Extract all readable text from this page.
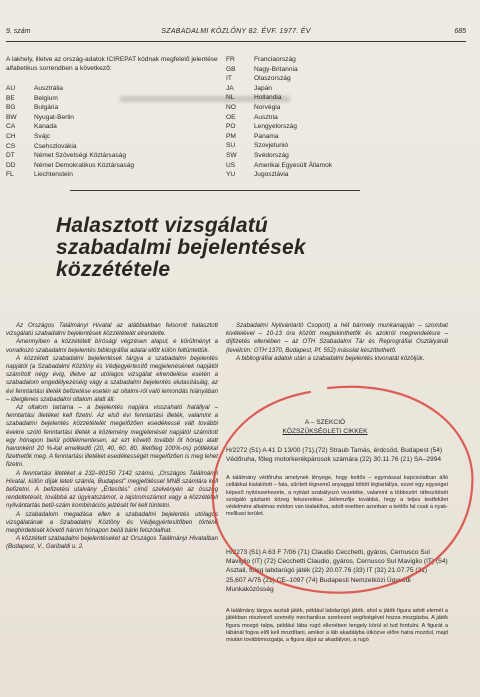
9. szám	SZABADALMI KÖZLÖNY 82. ÉVF. 1977. ÉV	685
A lakhely, illetve az ország-adatok ICIREPAT kódnak megfelelő jelentése alfabetikus sorrendben a következő:
AU	Ausztrália
BE	Belgium
BG	Bulgária
BW	Nyugat-Berlin
CA	Kanada
CH	Svájc
CS	Csehszlovákia
DT	Német Szövetségi Köztársaság
DD	Német Demokratikus Köztársaság
FL	Liechtenstein
FR	Franciaország
GB	Nagy-Britannia
IT	Olaszország
JA	Japán
NL	Hollandia
NO	Norvégia
OE	Ausztria
PO	Lengyelország
PM	Panama
SU	Szovjetunió
SW	Svédország
US	Amerikai Egyesült Államok
YU	Jugoszlávia
Halasztott vizsgálatú
szabadalmi bejelentések
közzététele

Az Országos Találmányi Hivatal az alábbiakban felsorolt halasztott vizsgálatú szabadalmi bejelentések közzétételét elrendelte.

Amennyiben a közzétételt bírósági végzésen alapul, e körülményt a vonatkozó szabadalmi bejelentés bibliográfiai adatai előtt külön feltüntettük.

A közzétett szabadalmi bejelentések tárgya a szabadalmi bejelentés napjától (a Szabadalmi Közlöny és Védjegyértesítő megjelenésének napjától számított négy évig, illetve az utólagos vizsgálat elrendelése esetén a szabadalom engedélyezéséig vagy a szabadalmi bejelentés elutasításáig, az évi fenntartási illeték befizetése esetén az oltalmi-ról való lemondás hiányában – ideiglenes szabadalmi oltalom alatt áll.

Az oltalom tartama – a bejelentés napjára visszaható hatállyal – fenntartási illetéket kell fizetni. Az első évi fenntartási illeték, valamint a szabadalmi bejelentés közzétételét megelőzően esedékessé vált további évekre szóló fenntartási illeték a közlemény megjelenését napjától számított egy hónapon belül pótlékmentesen, az ezt követő további öt hónap alatt havonként 20 %-kal emelkedő (20, 40, 60, 80, illetőleg 100%-os) pótlékkal fizethetők meg. A fenntartási illetéket esedékességét megelőzően is meg lehet fizetni.

A fenntartási illetéket a 232–90150 7142 számú, „Országos Találmányi Hivatal, külön díjak leteti számla, Budapest” megjelöléssel MNB számlára kell befizetni. A befizetési utalvány „Értesítés” című szelvényén az összeg rendeltetését, továbbá az ügyiratszámot, a lajstromszámot vagy a közzétételi nyilvántartás betű-szám kombinációs jelzését fel kell tüntetni.

A szabadalom megadása ellen a szabadalmi bejelentés utólagos vizsgálatának a Szabadalmi Közlöny és Védjegyértesítőben történő meghirdetését követő három hónapon belül bárki felszólalhat.

A közzétett szabadalmi bejelentéseket az Országos Találmányi Hivatalban (Budapest, V., Garibaldi u. 2.

Szabadalmi Nyilvántartó Csoport) a hét bármely munkanapján – szombat kivételével – 10-13 óra között megtekinthetők és azokról megrendelésre – díjfizetés ellenében – az OTH Szabadalmi Tár és Reprográfiai Osztályánál (levélcím: OTH 1370, Budapest, Pf. 552) másolat készíttethető.

A bibliográfiai adatok után a szabadalmi bejelentés kivonatát közöljük.

A – SZEKCIÓ
KÖZSZÜKSÉGLETI CIKKEK
H/2272 (51) A 41 D 13/00 (71),(72) Straub Tamás, érdcsöd, Budapest (54) Védőruha, főleg motorkerékpárosok számára (22) 30.11.76 (21) SA–2994
A találmány védőruha amelynek lényege, hogy kettős – egymással kapcsolatban álló cellákkal kialakított – fala, sűrített légnemű anyaggal töltött légtartállya, ezzel egy egységet képező nyitószerkezete, a nyitást szabályozó vezetéke, valamint a többszöri ráfeszítését szolgáló gáztartó közeg felszerelése. Jellemzője továbbá, hogy a teljes testfelület védelmére alkalmas módon van kialakítva, adott esetben azonban a kettős fal csak a nyak-mellkasi terület.
H/2273 (51) A 63 F 7/06 (71) Claudio Cecchetti, gyáros, Cernusco Sul Maviglio (IT) (72) Cecchetti Claudio, gyáros, Cernusco Sul Maviglio (IT) (54) Asztali, főleg labdarúgó játék (22) 20.07.76 (33) IT (32) 21.07.75 (31) 25,607 A/75 (21) CE–1097 (74) Budapesti Nemzetközi Ügyvédi Munkaközösség
A találmány tárgya asztali játék, például labdarúgó játék, ahol a játék figura adott elemét a játékban résztvevő személy mechanikus szerkezet segítségével hozza mozgásba. A játék figura mozgó talpa, például lába rugó ellenében tengely körül el tud fordulni. A figurát a lábánál fogva elől kell mozdítani, amikor a láb akadályba ütközve előre hatra mozdul, majd miután továbbmozgatja, a figura átjut az akadályon, a rugó
